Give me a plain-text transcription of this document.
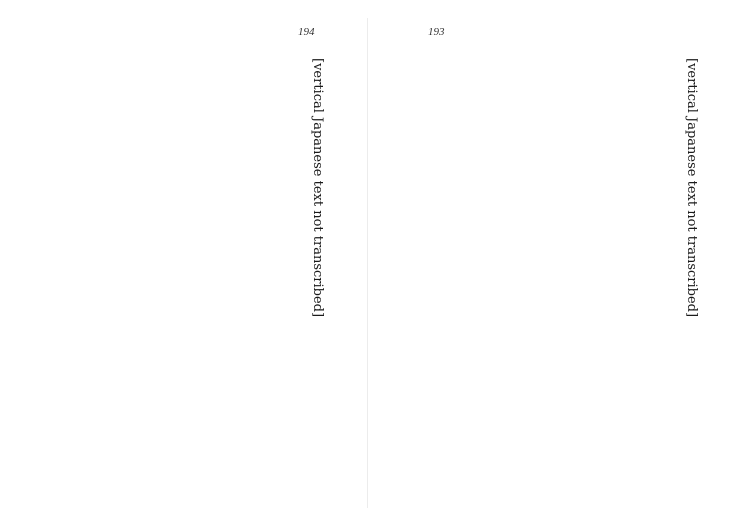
194
[vertical Japanese text not transcribed]
193
[vertical Japanese text not transcribed]
